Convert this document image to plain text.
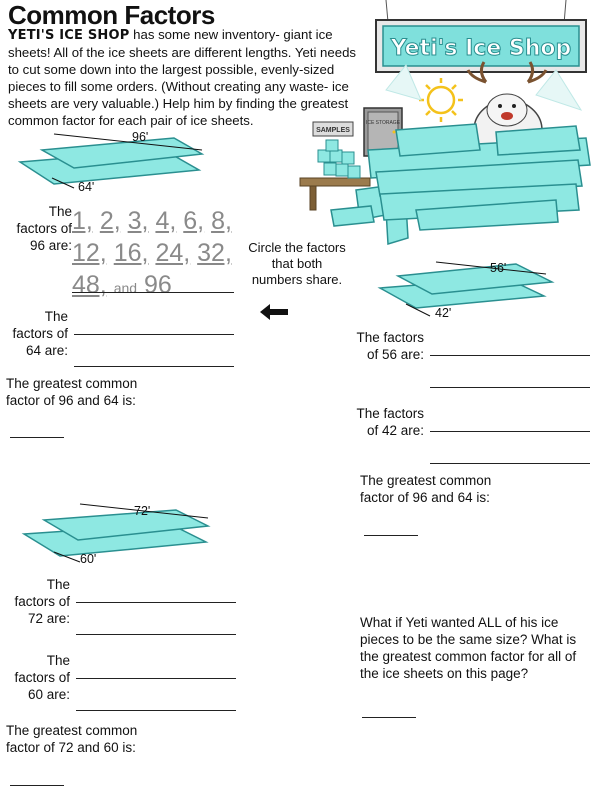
Common Factors
YETI'S ICE SHOP has some new inventory- giant ice sheets! All of the ice sheets are different lengths. Yeti needs to cut some down into the largest possible, evenly-sized pieces to fill some orders. (Without creating any waste- ice sheets are very valuable.) Help him by finding the greatest common factor for each pair of ice sheets.
Yeti's Ice Shop
ICE STORAGE
SAMPLES
96'
64'
The factors of 96 are:
1, 2, 3, 4, 6, 8,
12, 16, 24, 32,
48, and 96
Circle the factors that both numbers share.
The factors of 64 are:
The greatest common factor of 96 and 64 is:
56'
42'
The factors of 56 are:
The factors of 42 are:
The greatest common factor of 96 and 64 is:
72'
60'
The factors of 72 are:
The factors of 60 are:
The greatest common factor of 72 and 60 is:
What if Yeti wanted ALL of his ice pieces to be the same size? What is the greatest common factor for all of the ice sheets on this page?
